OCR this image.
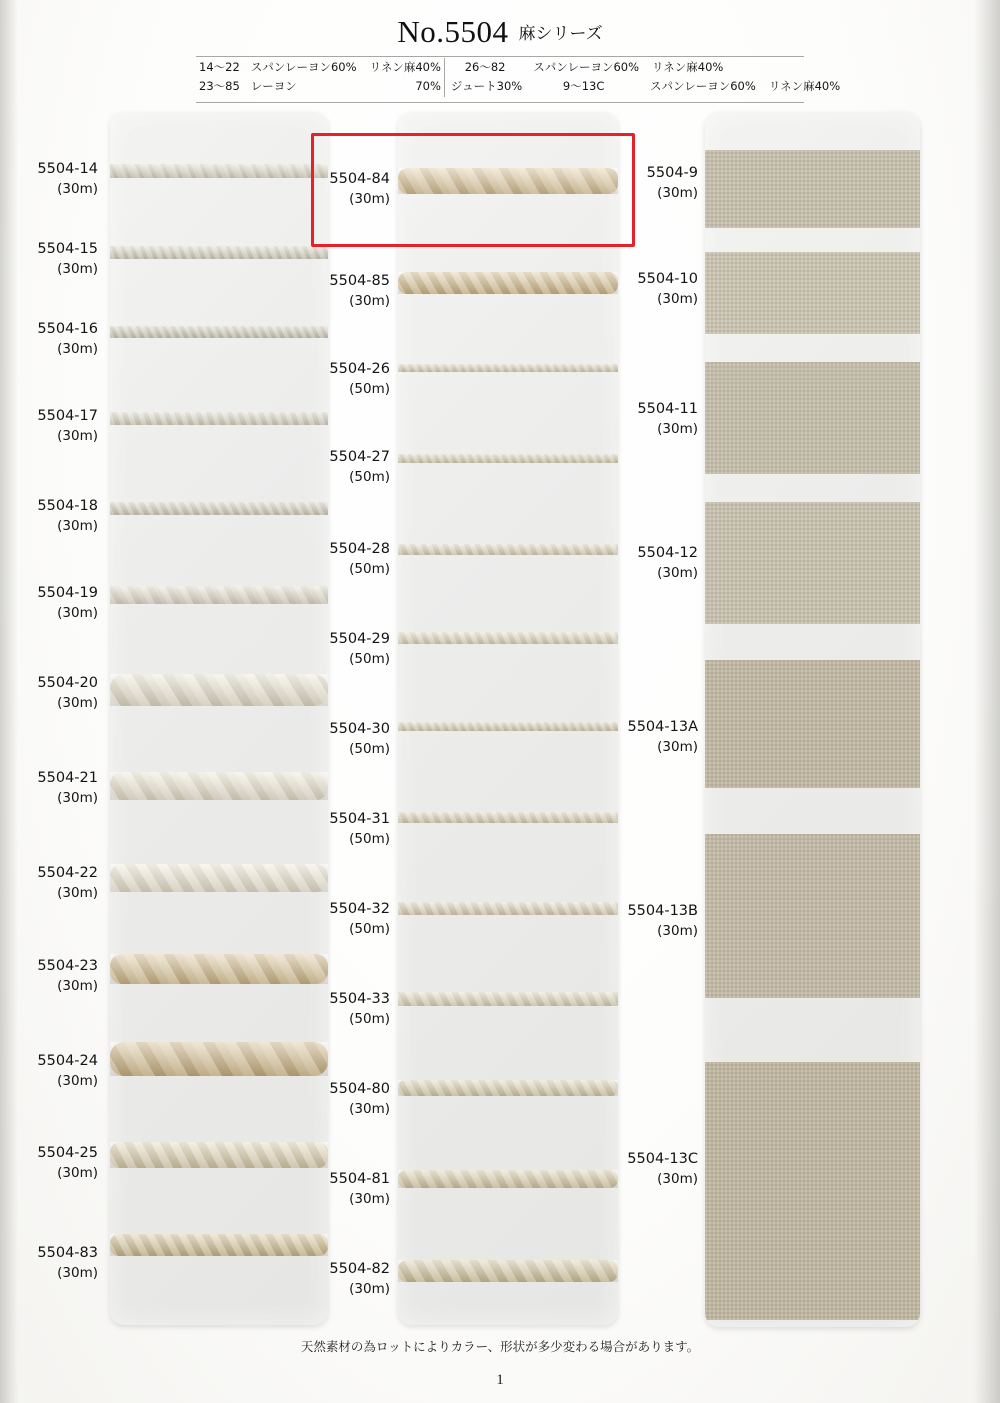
No.5504 麻シリーズ
14〜22	スパンレーヨン60%	リネン麻40%	26〜82	スパンレーヨン60%	リネン麻40%	
23〜85	レーヨン	70%	ジュート30%	9〜13C	スパンレーヨン60%	リネン麻40%
5504-14
(30m)
5504-15
(30m)
5504-16
(30m)
5504-17
(30m)
5504-18
(30m)
5504-19
(30m)
5504-20
(30m)
5504-21
(30m)
5504-22
(30m)
5504-23
(30m)
5504-24
(30m)
5504-25
(30m)
5504-83
(30m)
5504-84
(30m)
5504-85
(30m)
5504-26
(50m)
5504-27
(50m)
5504-28
(50m)
5504-29
(50m)
5504-30
(50m)
5504-31
(50m)
5504-32
(50m)
5504-33
(50m)
5504-80
(30m)
5504-81
(30m)
5504-82
(30m)
5504-9
(30m)
5504-10
(30m)
5504-11
(30m)
5504-12
(30m)
5504-13A
(30m)
5504-13B
(30m)
5504-13C
(30m)
天然素材の為ロットによりカラー、形状が多少変わる場合があります。
1
